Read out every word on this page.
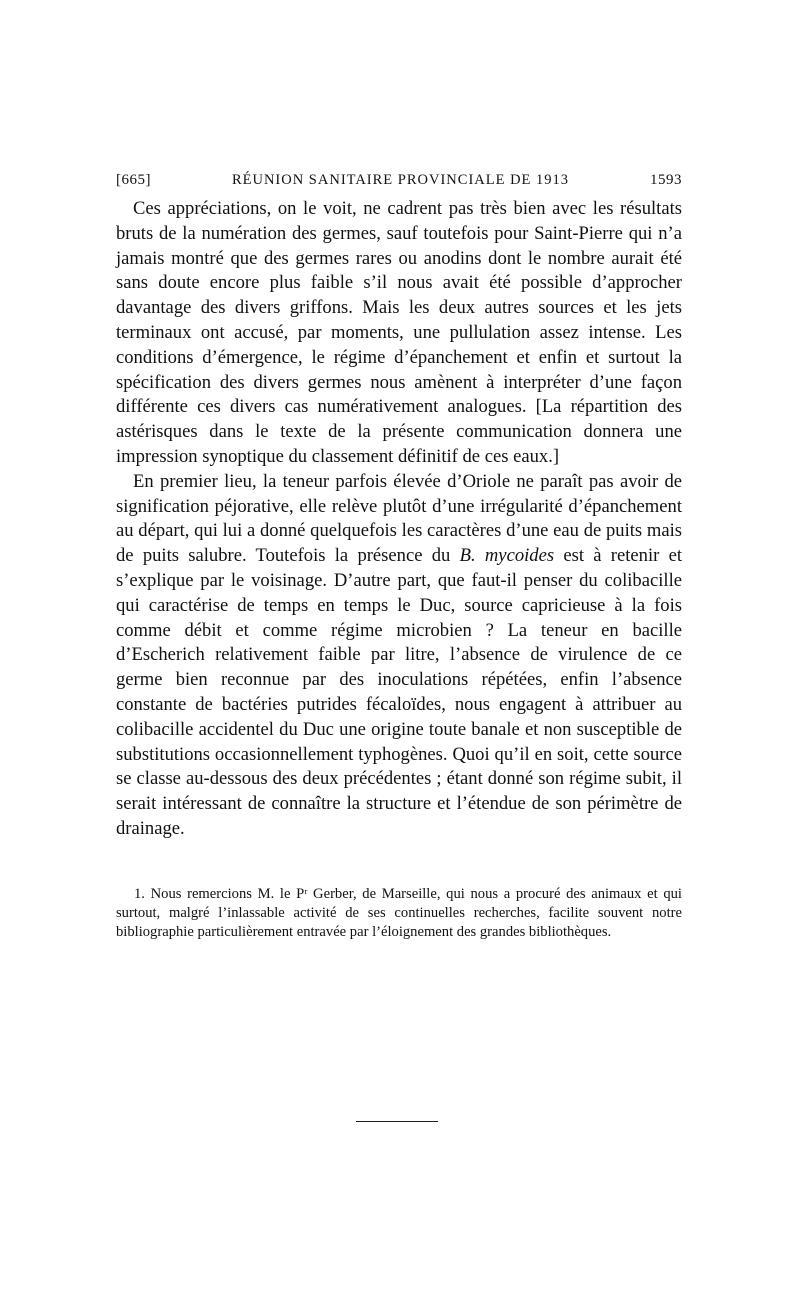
[665]	RÉUNION SANITAIRE PROVINCIALE DE 1913	1593

Ces appréciations, on le voit, ne cadrent pas très bien avec les résultats bruts de la numération des germes, sauf toutefois pour Saint-Pierre qui n’a jamais montré que des germes rares ou anodins dont le nombre aurait été sans doute encore plus faible s’il nous avait été possible d’approcher davantage des divers griffons. Mais les deux autres sources et les jets terminaux ont accusé, par moments, une pullulation assez intense. Les conditions d’émergence, le régime d’épanchement et enfin et surtout la spécification des divers germes nous amènent à interpréter d’une façon différente ces divers cas numérativement analogues. [La répartition des astérisques dans le texte de la présente communication donnera une impression synoptique du classement définitif de ces eaux.]

En premier lieu, la teneur parfois élevée d’Oriole ne paraît pas avoir de signification péjorative, elle relève plutôt d’une irrégularité d’épanchement au départ, qui lui a donné quelquefois les caractères d’une eau de puits mais de puits salubre. Toutefois la présence du B. mycoides est à retenir et s’explique par le voisinage. D’autre part, que faut-il penser du colibacille qui caractérise de temps en temps le Duc, source capricieuse à la fois comme débit et comme régime microbien ? La teneur en bacille d’Escherich relativement faible par litre, l’absence de virulence de ce germe bien reconnue par des inoculations répétées, enfin l’absence constante de bactéries putrides fécaloïdes, nous engagent à attribuer au colibacille accidentel du Duc une origine toute banale et non susceptible de substitutions occasionnellement typhogènes. Quoi qu’il en soit, cette source se classe au-dessous des deux précédentes ; étant donné son régime subit, il serait intéressant de connaître la structure et l’étendue de son périmètre de drainage.

1. Nous remercions M. le Pʳ Gerber, de Marseille, qui nous a procuré des animaux et qui surtout, malgré l’inlassable activité de ses continuelles recherches, facilite souvent notre bibliographie particulièrement entravée par l’éloignement des grandes bibliothèques.
